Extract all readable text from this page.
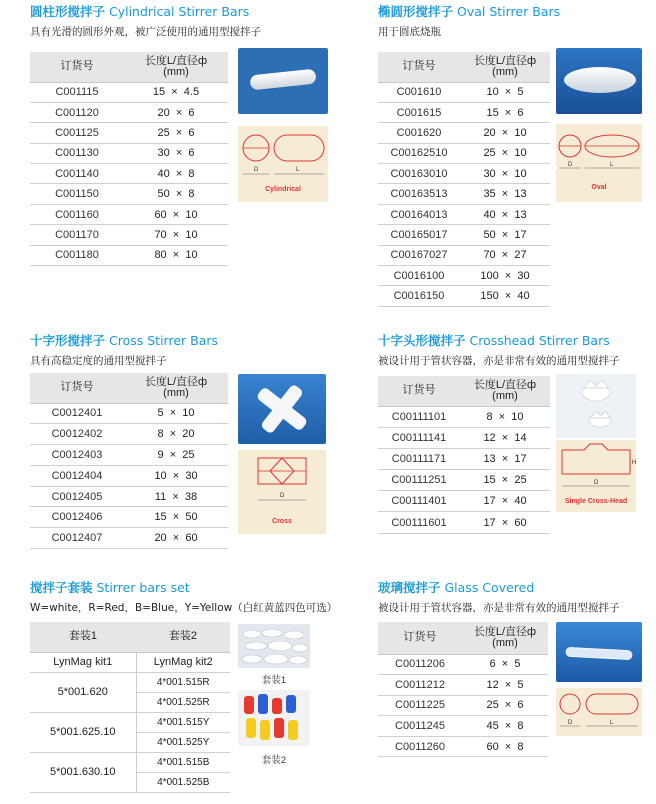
圆柱形搅拌子 Cylindrical Stirrer Bars
具有光滑的圆形外观，被广泛使用的通用型搅拌子
订货号	长度L/直径ф
(mm)

C001115	15  ×  4.5
C001120	20  ×  6
C001125	25  ×  6
C001130	30  ×  6
C001140	40  ×  8
C001150	50  ×  8
C001160	60  ×  10
C001170	70  ×  10
C001180	80  ×  10
D	L
Cylindrical
椭圆形搅拌子 Oval Stirrer Bars
用于圆底烧瓶
订货号	长度L/直径ф
(mm)

C001610	10  ×  5
C001615	15  ×  6
C001620	20  ×  10
C00162510	25  ×  10
C00163010	30  ×  10
C00163513	35  ×  13
C00164013	40  ×  13
C00165017	50  ×  17
C00167027	70  ×  27
C0016100	100  ×  30
C0016150	150  ×  40
D	L
Oval
十字形搅拌子 Cross Stirrer Bars
具有高稳定度的通用型搅拌子
订货号	长度L/直径ф
(mm)

C0012401	5  ×  10
C0012402	8  ×  20
C0012403	9  ×  25
C0012404	10  ×  30
C0012405	11  ×  38
C0012406	15  ×  50
C0012407	20  ×  60
D
Cross
十字头形搅拌子 Crosshead Stirrer Bars
被设计用于管状容器，亦是非常有效的通用型搅拌子
订货号	长度L/直径ф
(mm)

C00111101	8  ×  10
C00111141	12  ×  14
C00111171	13  ×  17
C00111251	15  ×  25
C00111401	17  ×  40
C00111601	17  ×  60
D
H
Single Cross-Head
搅拌子套装 Stirrer bars set
W=white，R=Red，B=Blue，Y=Yellow（白红黄蓝四色可选）
套装1	套装2
LynMag kit1	LynMag kit2
5*001.620	4*001.515R
	4*001.525R
5*001.625.10	4*001.515Y
	4*001.525Y
5*001.630.10	4*001.515B
	4*001.525B
套装1
套装2
玻璃搅拌子 Glass Covered
被设计用于管状容器，亦是非常有效的通用型搅拌子
订货号	长度L/直径ф
(mm)

C0011206	6  ×  5
C0011212	12  ×  5
C0011225	25  ×  6
C0011245	45  ×  8
C0011260	60  ×  8
D	L
